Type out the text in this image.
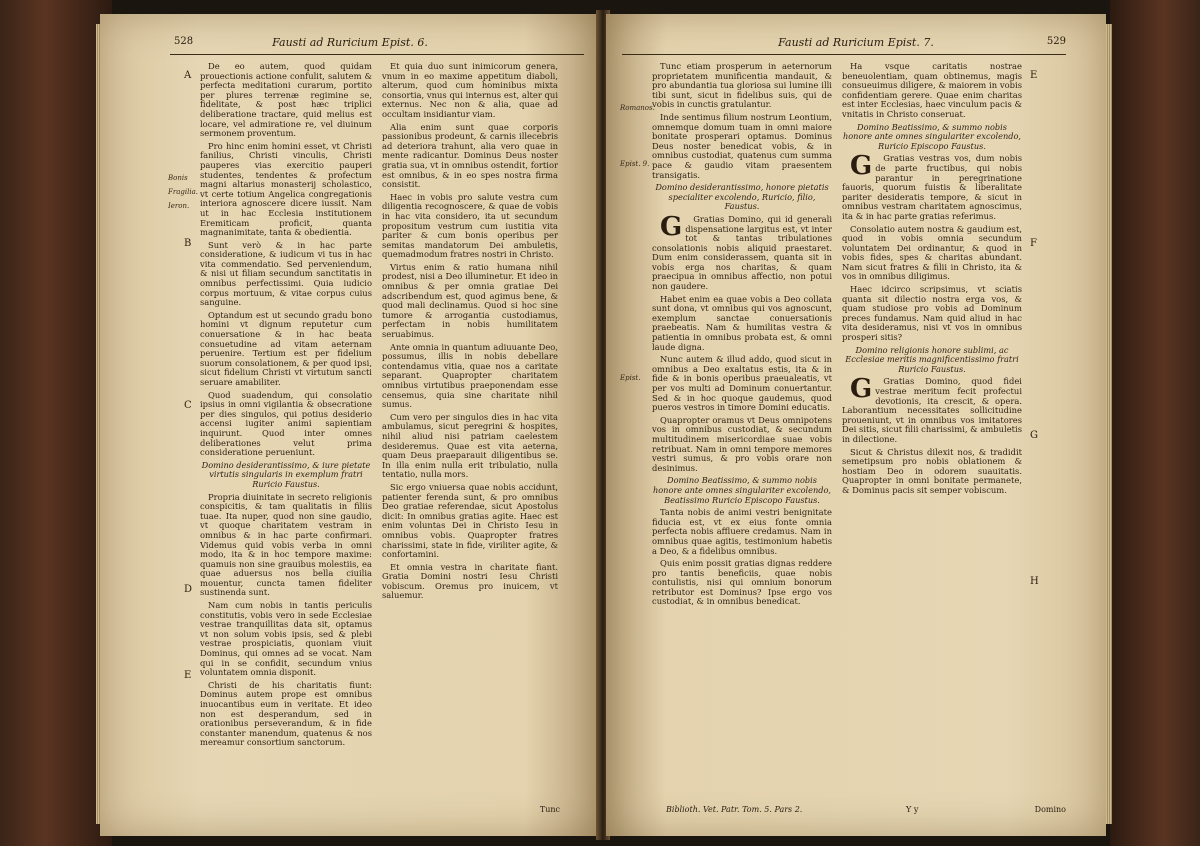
528	Fausti ad Ruricium Epist. 6.
A
B
C
D
E
Bonis
Fragilia.
Ieron.

De eo autem, quod quidam prouectionis actione confulit, salutem & perfecta meditationi curarum, portito per plures terrenæ regimine se, fidelitate, & post hæc triplici deliberatione tractare, quid melius est locare, vel admiratione re, vel diuinum sermonem proventum.

Pro hinc enim homini esset, vt Christi fanilius, Christi vinculis, Christi pauperes vias exercitio pauperi studentes, tendentes & profectum magni altarius monasterij scholastico, vt certe totium Angelica congregationis interiora agnoscere dicere iussit. Nam ut in hac Ecclesia institutionem Eremiticam proficit, quanta magnanimitate, tanta & obedientia.

Sunt verò & in hac parte consideratione, & iudicum vi tus in hac vita commendatio. Sed perveniendum, & nisi ut filiam secundum sanctitatis in omnibus perfectissimi. Quia iudicio corpus mortuum, & vitae corpus cuius sanguine.

Optandum est ut secundo gradu bono homini vt dignum reputetur cum conuersatione & in hac beata consuetudine ad vitam aeternam peruenire. Tertium est per fidelium suorum consolationem, & per quod ipsi, sicut fidelium Christi vt virtutum sancti seruare amabiliter.

Quod suadendum, qui consolatio ipsius in omni vigilantia & obsecratione per dies singulos, qui potius desiderio accensi iugiter animi sapientiam inquirunt. Quod inter omnes deliberationes velut prima consideratione perueniunt.

Domino desiderantissimo, & iure pietate virtutis singularis in exemplum fratri Ruricio Faustus.

Propria diuinitate in secreto religionis conspicitis, & tam qualitatis in filiis tuae. Ita nuper, quod non sine gaudio, vt quoque charitatem vestram in omnibus & in hac parte confirmari. Videmus quid vobis verba in omni modo, ita & in hoc tempore maxime: quamuis non sine grauibus molestiis, ea quae aduersus nos bella ciuilia mouentur, cuncta tamen fideliter sustinenda sunt.

Nam cum nobis in tantis periculis constitutis, vobis vero in sede Ecclesiae vestrae tranquillitas data sit, optamus vt non solum vobis ipsis, sed & plebi vestrae prospiciatis, quoniam viuit Dominus, qui omnes ad se vocat. Nam qui in se confidit, secundum vnius voluntatem omnia disponit.

Christi de his charitatis fiunt: Dominus autem prope est omnibus inuocantibus eum in veritate. Et ideo non est desperandum, sed in orationibus perseverandum, & in fide constanter manendum, quatenus & nos mereamur consortium sanctorum.

Et quia duo sunt inimicorum genera, vnum in eo maxime appetitum diaboli, alterum, quod cum hominibus mixta consortia, vnus qui internus est, alter qui externus. Nec non & alia, quae ad occultam insidiantur viam.

Alia enim sunt quae corporis passionibus prodeunt, & carnis illecebris ad deteriora trahunt, alia vero quae in mente radicantur. Dominus Deus noster gratia sua, vt in omnibus ostendit, fortior est omnibus, & in eo spes nostra firma consistit.

Haec in vobis pro salute vestra cum diligentia recognoscere, & quae de vobis in hac vita considero, ita ut secundum propositum vestrum cum iustitia vita pariter & cum bonis operibus per semitas mandatorum Dei ambuletis, quemadmodum fratres nostri in Christo.

Virtus enim & ratio humana nihil prodest, nisi a Deo illuminetur. Et ideo in omnibus & per omnia gratiae Dei adscribendum est, quod agimus bene, & quod mali declinamus. Quod si hoc sine tumore & arrogantia custodiamus, perfectam in nobis humilitatem seruabimus.

Ante omnia in quantum adiuuante Deo, possumus, illis in nobis debellare contendamus vitia, quae nos a caritate separant. Quapropter charitatem omnibus virtutibus praeponendam esse censemus, quia sine charitate nihil sumus.

Cum vero per singulos dies in hac vita ambulamus, sicut peregrini & hospites, nihil aliud nisi patriam caelestem desideremus. Quae est vita aeterna, quam Deus praeparauit diligentibus se. In illa enim nulla erit tribulatio, nulla tentatio, nulla mors.

Sic ergo vniuersa quae nobis accidunt, patienter ferenda sunt, & pro omnibus Deo gratiae referendae, sicut Apostolus dicit: In omnibus gratias agite. Haec est enim voluntas Dei in Christo Iesu in omnibus vobis. Quapropter fratres charissimi, state in fide, viriliter agite, & confortamini.

Et omnia vestra in charitate fiant. Gratia Domini nostri Iesu Christi vobiscum. Oremus pro inuicem, vt saluemur.

Tunc
Fausti ad Ruricium Epist. 7.	529
Romanos.
Epist. 9.
Epist.

Tunc etiam prosperum in aeternorum proprietatem munificentia mandauit, & pro abundantia tua gloriosa sui lumine illi tibi sunt, sicut in fidelibus suis, qui de vobis in cunctis gratulantur.

Inde sentimus filium nostrum Leontium, omnemque domum tuam in omni maiore bonitate prosperari optamus. Dominus Deus noster benedicat vobis, & in omnibus custodiat, quatenus cum summa pace & gaudio vitam praesentem transigatis.

Domino desiderantissimo, honore pietatis specialiter excolendo, Ruricio, filio, Faustus.

G Gratias Domino, qui id generali dispensatione largitus est, vt inter tot & tantas tribulationes consolationis nobis aliquid praestaret. Dum enim considerassem, quanta sit in vobis erga nos charitas, & quam praecipua in omnibus affectio, non potui non gaudere.

Habet enim ea quae vobis a Deo collata sunt dona, vt omnibus qui vos agnoscunt, exemplum sanctae conuersationis praebeatis. Nam & humilitas vestra & patientia in omnibus probata est, & omni laude digna.

Nunc autem & illud addo, quod sicut in omnibus a Deo exaltatus estis, ita & in fide & in bonis operibus praeualeatis, vt per vos multi ad Dominum conuertantur. Sed & in hoc quoque gaudemus, quod pueros vestros in timore Domini educatis.

Quapropter oramus vt Deus omnipotens vos in omnibus custodiat, & secundum multitudinem misericordiae suae vobis retribuat. Nam in omni tempore memores vestri sumus, & pro vobis orare non desinimus.

Domino Beatissimo, & summo nobis honore ante omnes singulariter excolendo, Beatissimo Ruricio Episcopo Faustus.

Tanta nobis de animi vestri benignitate fiducia est, vt ex eius fonte omnia perfecta nobis affluere credamus. Nam in omnibus quae agitis, testimonium habetis a Deo, & a fidelibus omnibus.

Quis enim possit gratias dignas reddere pro tantis beneficiis, quae nobis contulistis, nisi qui omnium bonorum retributor est Dominus? Ipse ergo vos custodiat, & in omnibus benedicat.

Ha vsque caritatis nostrae beneuolentiam, quam obtinemus, magis consueuimus diligere, & maiorem in vobis confidentiam gerere. Quae enim charitas est inter Ecclesias, haec vinculum pacis & vnitatis in Christo conseruat.

Domino Beatissimo, & summo nobis honore ante omnes singulariter excolendo, Ruricio Episcopo Faustus.

G Gratias vestras vos, dum nobis de parte fructibus, qui nobis parantur in peregrinatione fauoris, quorum fuistis & liberalitate pariter desideratis tempore, & sicut in omnibus vestram charitatem agnoscimus, ita & in hac parte gratias referimus.

Consolatio autem nostra & gaudium est, quod in vobis omnia secundum voluntatem Dei ordinantur, & quod in vobis fides, spes & charitas abundant. Nam sicut fratres & filii in Christo, ita & vos in omnibus diligimus.

Haec idcirco scripsimus, vt sciatis quanta sit dilectio nostra erga vos, & quam studiose pro vobis ad Dominum preces fundamus. Nam quid aliud in hac vita desideramus, nisi vt vos in omnibus prosperi sitis?

Domino religionis honore sublimi, ac Ecclesiae meritis magnificentissimo fratri Ruricio Faustus.

G Gratias Domino, quod fidei vestrae meritum fecit profectui devotionis, ita crescit, & opera. Laborantium necessitates sollicitudine proueniunt, vt in omnibus vos imitatores Dei sitis, sicut filii charissimi, & ambuletis in dilectione.

Sicut & Christus dilexit nos, & tradidit semetipsum pro nobis oblationem & hostiam Deo in odorem suauitatis. Quapropter in omni bonitate permanete, & Dominus pacis sit semper vobiscum.

E
F
G
H
Biblioth. Vet. Patr. Tom. 5. Pars 2.	Y y	Domino
